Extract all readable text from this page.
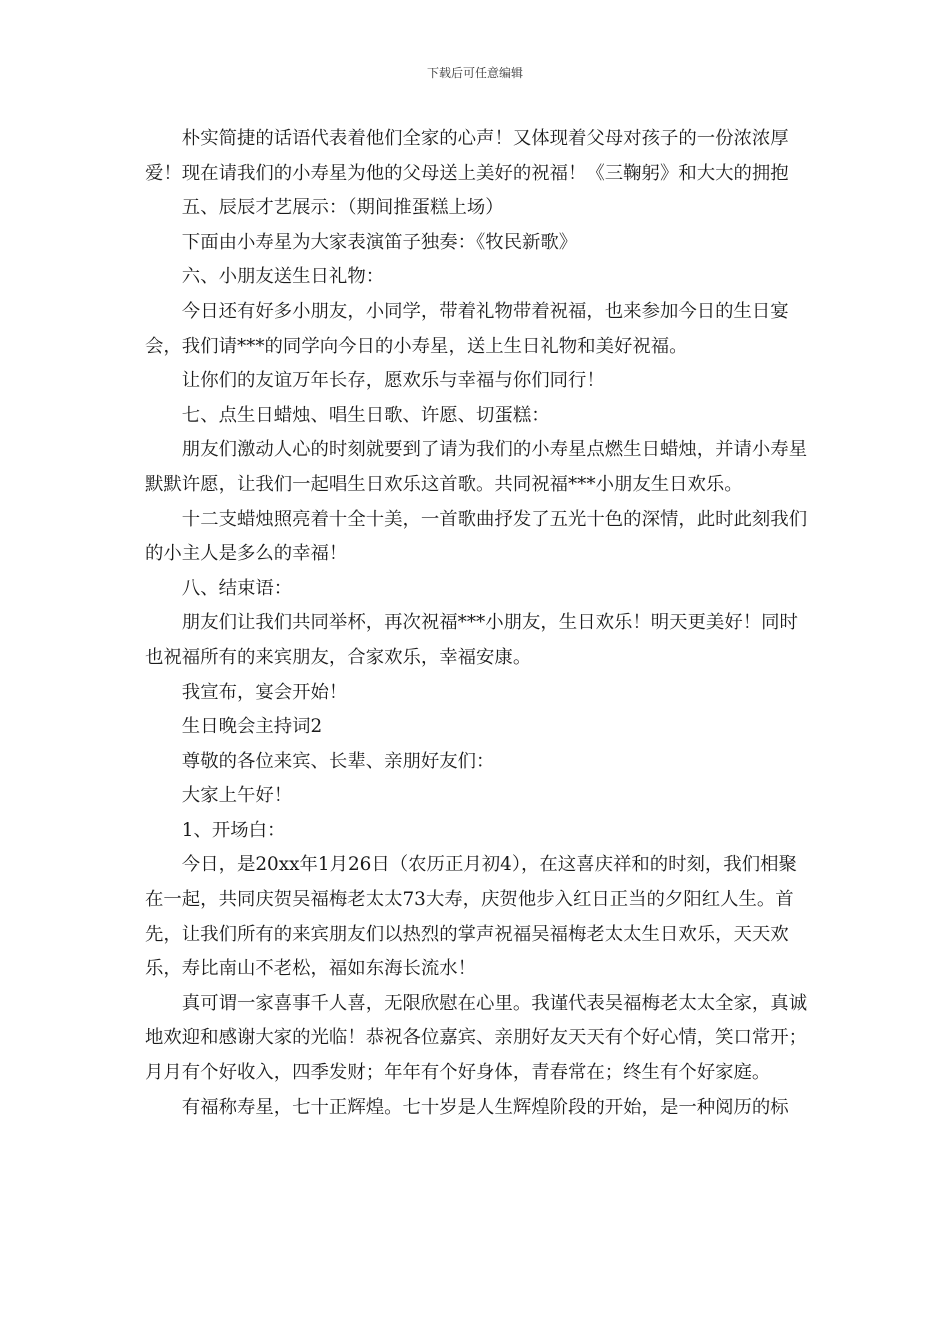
下载后可任意编辑

朴实简捷的话语代表着他们全家的心声！又体现着父母对孩子的一份浓浓厚爱！现在请我们的小寿星为他的父母送上美好的祝福！《三鞠躬》和大大的拥抱

五、辰辰才艺展示：（期间推蛋糕上场）

下面由小寿星为大家表演笛子独奏：《牧民新歌》

六、小朋友送生日礼物：

今日还有好多小朋友，小同学，带着礼物带着祝福，也来参加今日的生日宴会，我们请***的同学向今日的小寿星，送上生日礼物和美好祝福。

让你们的友谊万年长存，愿欢乐与幸福与你们同行！

七、点生日蜡烛、唱生日歌、许愿、切蛋糕：

朋友们激动人心的时刻就要到了请为我们的小寿星点燃生日蜡烛，并请小寿星默默许愿，让我们一起唱生日欢乐这首歌。共同祝福***小朋友生日欢乐。

十二支蜡烛照亮着十全十美，一首歌曲抒发了五光十色的深情，此时此刻我们的小主人是多么的幸福！

八、结束语：

朋友们让我们共同举杯，再次祝福***小朋友，生日欢乐！明天更美好！同时也祝福所有的来宾朋友，合家欢乐，幸福安康。

我宣布，宴会开始！

生日晚会主持词2

尊敬的各位来宾、长辈、亲朋好友们：

大家上午好！

1、开场白：

今日，是20xx年1月26日（农历正月初4），在这喜庆祥和的时刻，我们相聚在一起，共同庆贺吴福梅老太太73大寿，庆贺他步入红日正当的夕阳红人生。首先，让我们所有的来宾朋友们以热烈的掌声祝福吴福梅老太太生日欢乐，天天欢乐，寿比南山不老松，福如东海长流水！

真可谓一家喜事千人喜，无限欣慰在心里。我谨代表吴福梅老太太全家，真诚地欢迎和感谢大家的光临！恭祝各位嘉宾、亲朋好友天天有个好心情，笑口常开；月月有个好收入，四季发财；年年有个好身体，青春常在；终生有个好家庭。

有福称寿星，七十正辉煌。七十岁是人生辉煌阶段的开始，是一种阅历的标
